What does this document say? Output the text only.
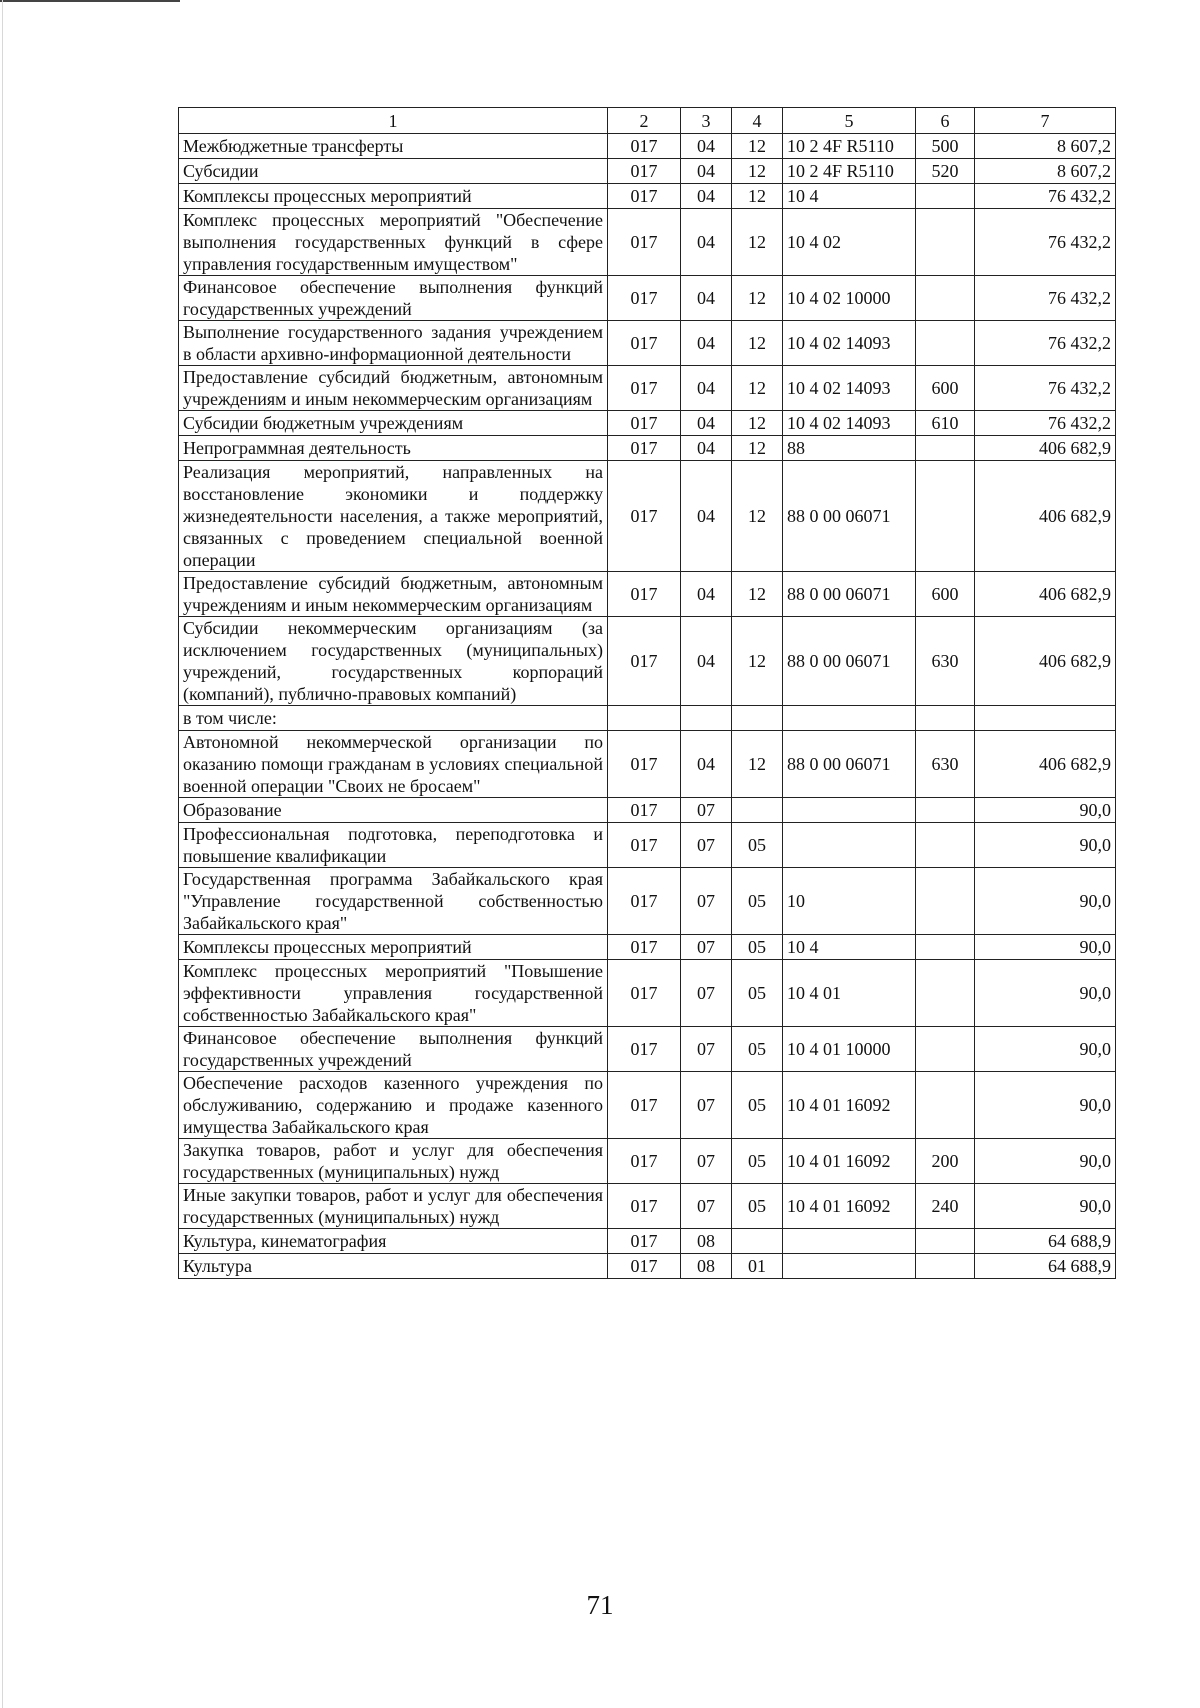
1	2	3	4	5	6	7
Межбюджетные трансферты	017	04	12	10 2 4F R5110	500	8 607,2
Субсидии	017	04	12	10 2 4F R5110	520	8 607,2
Комплексы процессных мероприятий	017	04	12	10 4		76 432,2
Комплекс процессных мероприятий "Обеспечение выполнения государственных функций в сфере управления государственным имуществом"	017	04	12	10 4 02		76 432,2
Финансовое обеспечение выполнения функций государственных учреждений	017	04	12	10 4 02 10000		76 432,2
Выполнение государственного задания учреждением в области архивно-информационной деятельности	017	04	12	10 4 02 14093		76 432,2
Предоставление субсидий бюджетным, автономным учреждениям и иным некоммерческим организациям	017	04	12	10 4 02 14093	600	76 432,2
Субсидии бюджетным учреждениям	017	04	12	10 4 02 14093	610	76 432,2
Непрограммная деятельность	017	04	12	88		406 682,9
Реализация мероприятий, направленных на восстановление экономики и поддержку жизнедеятельности населения, а также мероприятий, связанных с проведением специальной военной операции	017	04	12	88 0 00 06071		406 682,9
Предоставление субсидий бюджетным, автономным учреждениям и иным некоммерческим организациям	017	04	12	88 0 00 06071	600	406 682,9
Субсидии некоммерческим организациям (за исключением государственных (муниципальных) учреждений, государственных корпораций (компаний), публично-правовых компаний)	017	04	12	88 0 00 06071	630	406 682,9
в том числе:						
Автономной некоммерческой организации по оказанию помощи гражданам в условиях специальной военной операции "Своих не бросаем"	017	04	12	88 0 00 06071	630	406 682,9
Образование	017	07				90,0
Профессиональная подготовка, переподготовка и повышение квалификации	017	07	05			90,0
Государственная программа Забайкальского края "Управление государственной собственностью Забайкальского края"	017	07	05	10		90,0
Комплексы процессных мероприятий	017	07	05	10 4		90,0
Комплекс процессных мероприятий "Повышение эффективности управления государственной собственностью Забайкальского края"	017	07	05	10 4 01		90,0
Финансовое обеспечение выполнения функций государственных учреждений	017	07	05	10 4 01 10000		90,0
Обеспечение расходов казенного учреждения по обслуживанию, содержанию и продаже казенного имущества Забайкальского края	017	07	05	10 4 01 16092		90,0
Закупка товаров, работ и услуг для обеспечения государственных (муниципальных) нужд	017	07	05	10 4 01 16092	200	90,0
Иные закупки товаров, работ и услуг для обеспечения государственных (муниципальных) нужд	017	07	05	10 4 01 16092	240	90,0
Культура, кинематография	017	08				64 688,9
Культура	017	08	01			64 688,9
71
